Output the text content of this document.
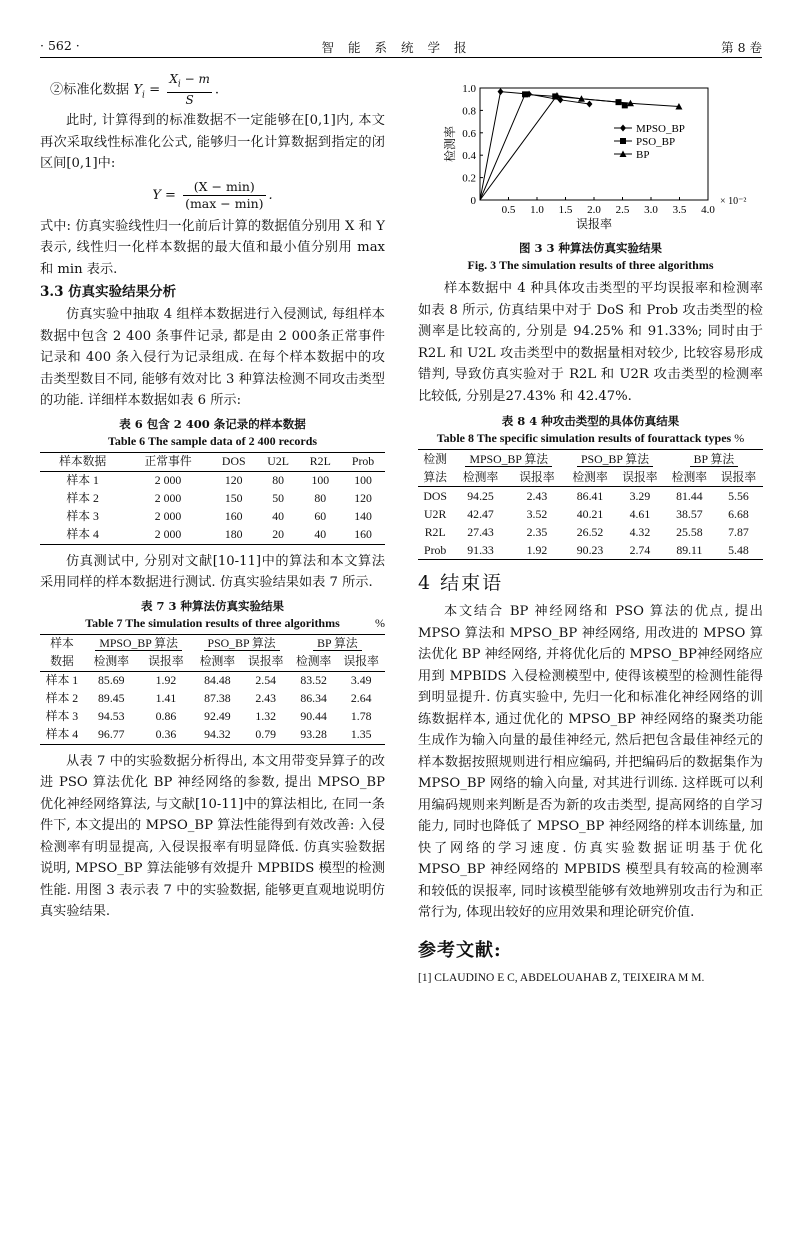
· 562 ·	智能系统学报	第 8 卷
②标准化数据 $Y_i = \frac{X_i - m}{S}$ .

此时, 计算得到的标准数据不一定能够在[0,1]内, 本文再次采取线性标准化公式, 能够归一化计算数据到指定的闭区间[0,1]中:

$Y = \frac{(X - \min)}{(\max - \min)}$ .

式中: 仿真实验线性归一化前后计算的数据值分别用 X 和 Y 表示, 线性归一化样本数据的最大值和最小值分别用 max 和 min 表示.

3.3 仿真实验结果分析

仿真实验中抽取 4 组样本数据进行入侵测试, 每组样本数据中包含 2 400 条事件记录, 都是由 2 000条正常事件记录和 400 条入侵行为记录组成. 在每个样本数据中的攻击类型数目不同, 能够有效对比 3 种算法检测不同攻击类型的功能. 详细样本数据如表 6 所示:

表 6 包含 2 400 条记录的样本数据
Table 6 The sample data of 2 400 records
样本数据	正常事件	DOS	U2L	R2L	Prob
样本 1	2 000	120	80	100	100
样本 2	2 000	150	50	80	120
样本 3	2 000	160	40	60	140
样本 4	2 000	180	20	40	160

仿真测试中, 分别对文献[10-11]中的算法和本文算法采用同样的样本数据进行测试. 仿真实验结果如表 7 所示.

表 7 3 种算法仿真实验结果
Table 7 The simulation results of three algorithms	%
样本	MPSO_BP 算法		PSO_BP 算法		BP 算法	
数据	检测率	误报率	检测率	误报率	检测率	误报率
样本 1	85.69	1.92	84.48	2.54	83.52	3.49
样本 2	89.45	1.41	87.38	2.43	86.34	2.64
样本 3	94.53	0.86	92.49	1.32	90.44	1.78
样本 4	96.77	0.36	94.32	0.79	93.28	1.35

从表 7 中的实验数据分析得出, 本文用带变异算子的改进 PSO 算法优化 BP 神经网络的参数, 提出 MPSO_BP 优化神经网络算法, 与文献[10-11]中的算法相比, 在同一条件下, 本文提出的 MPSO_BP 算法性能得到有效改善: 入侵检测率有明显提高, 入侵误报率有明显降低. 仿真实验数据说明, MPSO_BP 算法能够有效提升 MPBIDS 模型的检测性能. 用图 3 表示表 7 中的实验数据, 能够更直观地说明仿真实验结果.

1.0
0.8
0.6
0.4
0.2
0
0.5 1.0 1.5 2.0 2.5 3.0 3.5 4.0
× 10⁻²
误报率
检测率	MPSO_BP
PSO_BP
BP
图 3 3 种算法仿真实验结果
Fig. 3 The simulation results of three algorithms

样本数据中 4 种具体攻击类型的平均误报率和检测率如表 8 所示, 仿真结果中对于 DoS 和 Prob 攻击类型的检测率是比较高的, 分别是 94.25% 和 91.33%; 同时由于 R2L 和 U2L 攻击类型中的数据量相对较少, 比较容易形成错判, 导致仿真实验对于 R2L 和 U2R 攻击类型的检测率比较低, 分别是27.43% 和 42.47%.

表 8 4 种攻击类型的具体仿真结果
Table 8 The specific simulation results of fourattack types %
检测	MPSO_BP 算法		PSO_BP 算法		BP 算法	
算法	检测率	误报率	检测率	误报率	检测率	误报率
DOS	94.25	2.43	86.41	3.29	81.44	5.56
U2R	42.47	3.52	40.21	4.61	38.57	6.68
R2L	27.43	2.35	26.52	4.32	25.58	7.87
Prob	91.33	1.92	90.23	2.74	89.11	5.48
4 结束语

本文结合 BP 神经网络和 PSO 算法的优点, 提出 MPSO 算法和 MPSO_BP 神经网络, 用改进的 MPSO 算法优化 BP 神经网络, 并将优化后的 MPSO_BP神经网络应用到 MPBIDS 入侵检测模型中, 使得该模型的检测性能得到明显提升. 仿真实验中, 先归一化和标准化神经网络的训练数据样本, 通过优化的 MPSO_BP 神经网络的聚类功能生成作为输入向量的最佳神经元, 然后把包含最佳神经元的样本数据按照规则进行相应编码, 并把编码后的数据集作为 MPSO_BP 网络的输入向量, 对其进行训练. 这样既可以利用编码规则来判断是否为新的攻击类型, 提高网络的自学习能力, 同时也降低了 MPSO_BP 神经网络的样本训练量, 加快了网络的学习速度. 仿真实验数据证明基于优化 MPSO_BP 神经网络的 MPBIDS 模型具有较高的检测率和较低的误报率, 同时该模型能够有效地辨别攻击行为和正常行为, 体现出较好的应用效果和理论研究价值.

参考文献:
[1] CLAUDINO E C, ABDELOUAHAB Z, TEIXEIRA M M.
